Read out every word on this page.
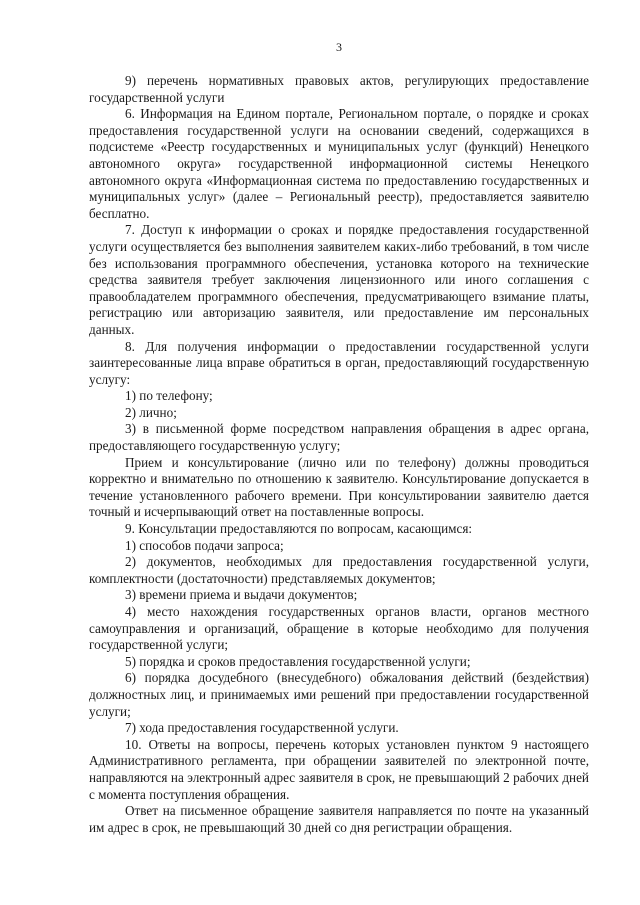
3

9) перечень нормативных правовых актов, регулирующих предоставление государственной услуги

6. Информация на Едином портале, Региональном портале, о порядке и сроках предоставления государственной услуги на основании сведений, содержащихся в подсистеме «Реестр государственных и муниципальных услуг (функций) Ненецкого автономного округа» государственной информационной системы Ненецкого автономного округа «Информационная система по предоставлению государственных и муниципальных услуг» (далее – Региональный реестр), предоставляется заявителю бесплатно.

7. Доступ к информации о сроках и порядке предоставления государственной услуги осуществляется без выполнения заявителем каких-либо требований, в том числе без использования программного обеспечения, установка которого на технические средства заявителя требует заключения лицензионного или иного соглашения с правообладателем программного обеспечения, предусматривающего взимание платы, регистрацию или авторизацию заявителя, или предоставление им персональных данных.

8. Для получения информации о предоставлении государственной услуги заинтересованные лица вправе обратиться в орган, предоставляющий государственную услугу:

1) по телефону;

2) лично;

3) в письменной форме посредством направления обращения в адрес органа, предоставляющего государственную услугу;

Прием и консультирование (лично или по телефону) должны проводиться корректно и внимательно по отношению к заявителю. Консультирование допускается в течение установленного рабочего времени. При консультировании заявителю дается точный и исчерпывающий ответ на поставленные вопросы.

9. Консультации предоставляются по вопросам, касающимся:

1) способов подачи запроса;

2) документов, необходимых для предоставления государственной услуги, комплектности (достаточности) представляемых документов;

3) времени приема и выдачи документов;

4) место нахождения государственных органов власти, органов местного самоуправления и организаций, обращение в которые необходимо для получения государственной услуги;

5) порядка и сроков предоставления государственной услуги;

6) порядка досудебного (внесудебного) обжалования действий (бездействия) должностных лиц, и принимаемых ими решений при предоставлении государственной услуги;

7) хода предоставления государственной услуги.

10. Ответы на вопросы, перечень которых установлен пунктом 9 настоящего Административного регламента, при обращении заявителей по электронной почте, направляются на электронный адрес заявителя в срок, не превышающий 2 рабочих дней с момента поступления обращения.

Ответ на письменное обращение заявителя направляется по почте на указанный им адрес в срок, не превышающий 30 дней со дня регистрации обращения.
